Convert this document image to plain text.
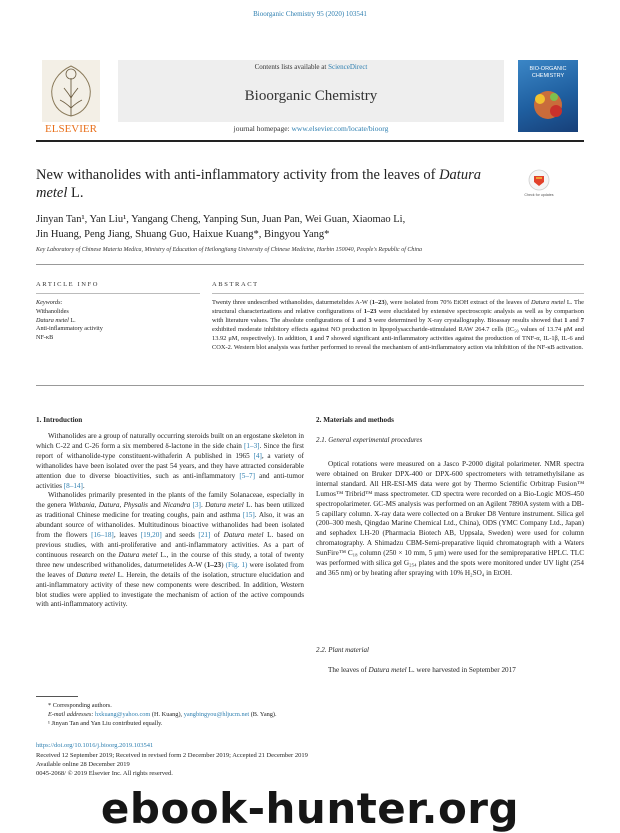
Bioorganic Chemistry 95 (2020) 103541
ELSEVIER
Contents lists available at ScienceDirect
Bioorganic Chemistry
journal homepage: www.elsevier.com/locate/bioorg
BIO-ORGANIC
CHEMISTRY
New withanolides with anti-inflammatory activity from the leaves of Datura metel L.	Check for updates
Jinyan Tan¹, Yan Liu¹, Yangang Cheng, Yanping Sun, Juan Pan, Wei Guan, Xiaomao Li,
Jin Huang, Peng Jiang, Shuang Guo, Haixue Kuang*, Bingyou Yang*
Key Laboratory of Chinese Materia Medica, Ministry of Education of Heilongjiang University of Chinese Medicine, Harbin 150040, People's Republic of China
ARTICLE INFO	ABSTRACT
Keywords:
Withanolides
Datura metel L.
Anti-inflammatory activity
NF-κB
Twenty three undescribed withanolides, daturmetelides A-W (1–23), were isolated from 70% EtOH extract of the leaves of Datura metel L. The structural characterizations and relative configurations of 1–23 were elucidated by extensive spectroscopic analysis as well as by comparison with literature values. The absolute configurations of 1 and 3 were determined by X-ray crystallography. Bioassay results showed that 1 and 7 exhibited moderate inhibitory effects against NO production in lipopolysaccharide-stimulated RAW 264.7 cells (IC₅₀ values of 13.74 μM and 13.92 μM, respectively). In addition, 1 and 7 showed significant anti-inflammatory activities against the production of TNF-α, IL-1β, IL-6 and COX-2. Western blot analysis was further performed to reveal the mechanism of anti-inflammatory action via inhibition of the NF-κB activation.
1. Introduction	2. Materials and methods

Withanolides are a group of naturally occurring steroids built on an ergostane skeleton in which C-22 and C-26 form a six membered δ-lactone in the side chain [1–3]. Since the first report of withanolide-type constituent-withaferin A published in 1965 [4], a variety of withanolides have been isolated over the past 54 years, and they have attracted considerable attention due to diverse bioactivities, such as anti-inflammatory [5–7] and anti-tumor activities [8–14].

Withanolides primarily presented in the plants of the family Solanaceae, especially in the genera Withania, Datura, Physalis and Nicandra [3]. Datura metel L. has been utilized as traditional Chinese medicine for treating coughs, pain and asthma [15]. Also, it was an abundant source of withanolides. Multitudinous bioactive withanolides had been isolated from the flowers [16–18], leaves [19,20] and seeds [21] of Datura metel L. based on previous studies, with anti-proliferative and anti-inflammatory activities. As a part of continuous research on the Datura metel L., in the course of this study, a total of twenty three new undescribed withanolides, daturmetelides A-W (1–23) (Fig. 1) were isolated from the leaves of Datura metel L. Herein, the details of the isolation, structure elucidation and anti-inflammatory activity of these new components were described. In addition, Western blot studies were applied to investigate the mechanism of action of the active compounds with anti-inflammatory activity.

2.1. General experimental procedures

Optical rotations were measured on a Jasco P-2000 digital polarimeter. NMR spectra were obtained on Bruker DPX-400 or DPX-600 spectrometers with tetramethylsilane as internal standard. All HR-ESI-MS data were got by Thermo Scientific Orbitrap Fusion™ Lumos™ Tribrid™ mass spectrometer. CD spectra were recorded on a Bio-Logic MOS-450 spectropolarimeter. GC-MS analysis was performed on an Agilent 7890A system with a DB-5 capillary column. X-ray data were collected on a Bruker D8 Venture instrument. Silica gel (200–300 mesh, Qingdao Marine Chemical Ltd., China), ODS (YMC Company Ltd., Japan) and sephadex LH-20 (Pharmacia Biotech AB, Uppsala, Sweden) were used for column chromatography. A Shimadzu CBM-Semi-preparative liquid chromatograph with a Waters SunFire™ C₁₈ column (250 × 10 mm, 5 μm) were used for the semipreparative HPLC. TLC was performed with silica gel G₂₅₄ plates and the spots were monitored under UV light (254 and 365 nm) or by heating after spraying with 10% H₂SO₄ in EtOH.

2.2. Plant material

The leaves of Datura metel L. were harvested in September 2017

* Corresponding authors.
E-mail addresses: hxkuang@yahoo.com (H. Kuang), yangbingyou@hljucm.net (B. Yang).
¹ Jinyan Tan and Yan Liu contributed equally.
https://doi.org/10.1016/j.bioorg.2019.103541
Received 12 September 2019; Received in revised form 2 December 2019; Accepted 21 December 2019
Available online 28 December 2019
0045-2068/ © 2019 Elsevier Inc. All rights reserved.
ebook-hunter.org
